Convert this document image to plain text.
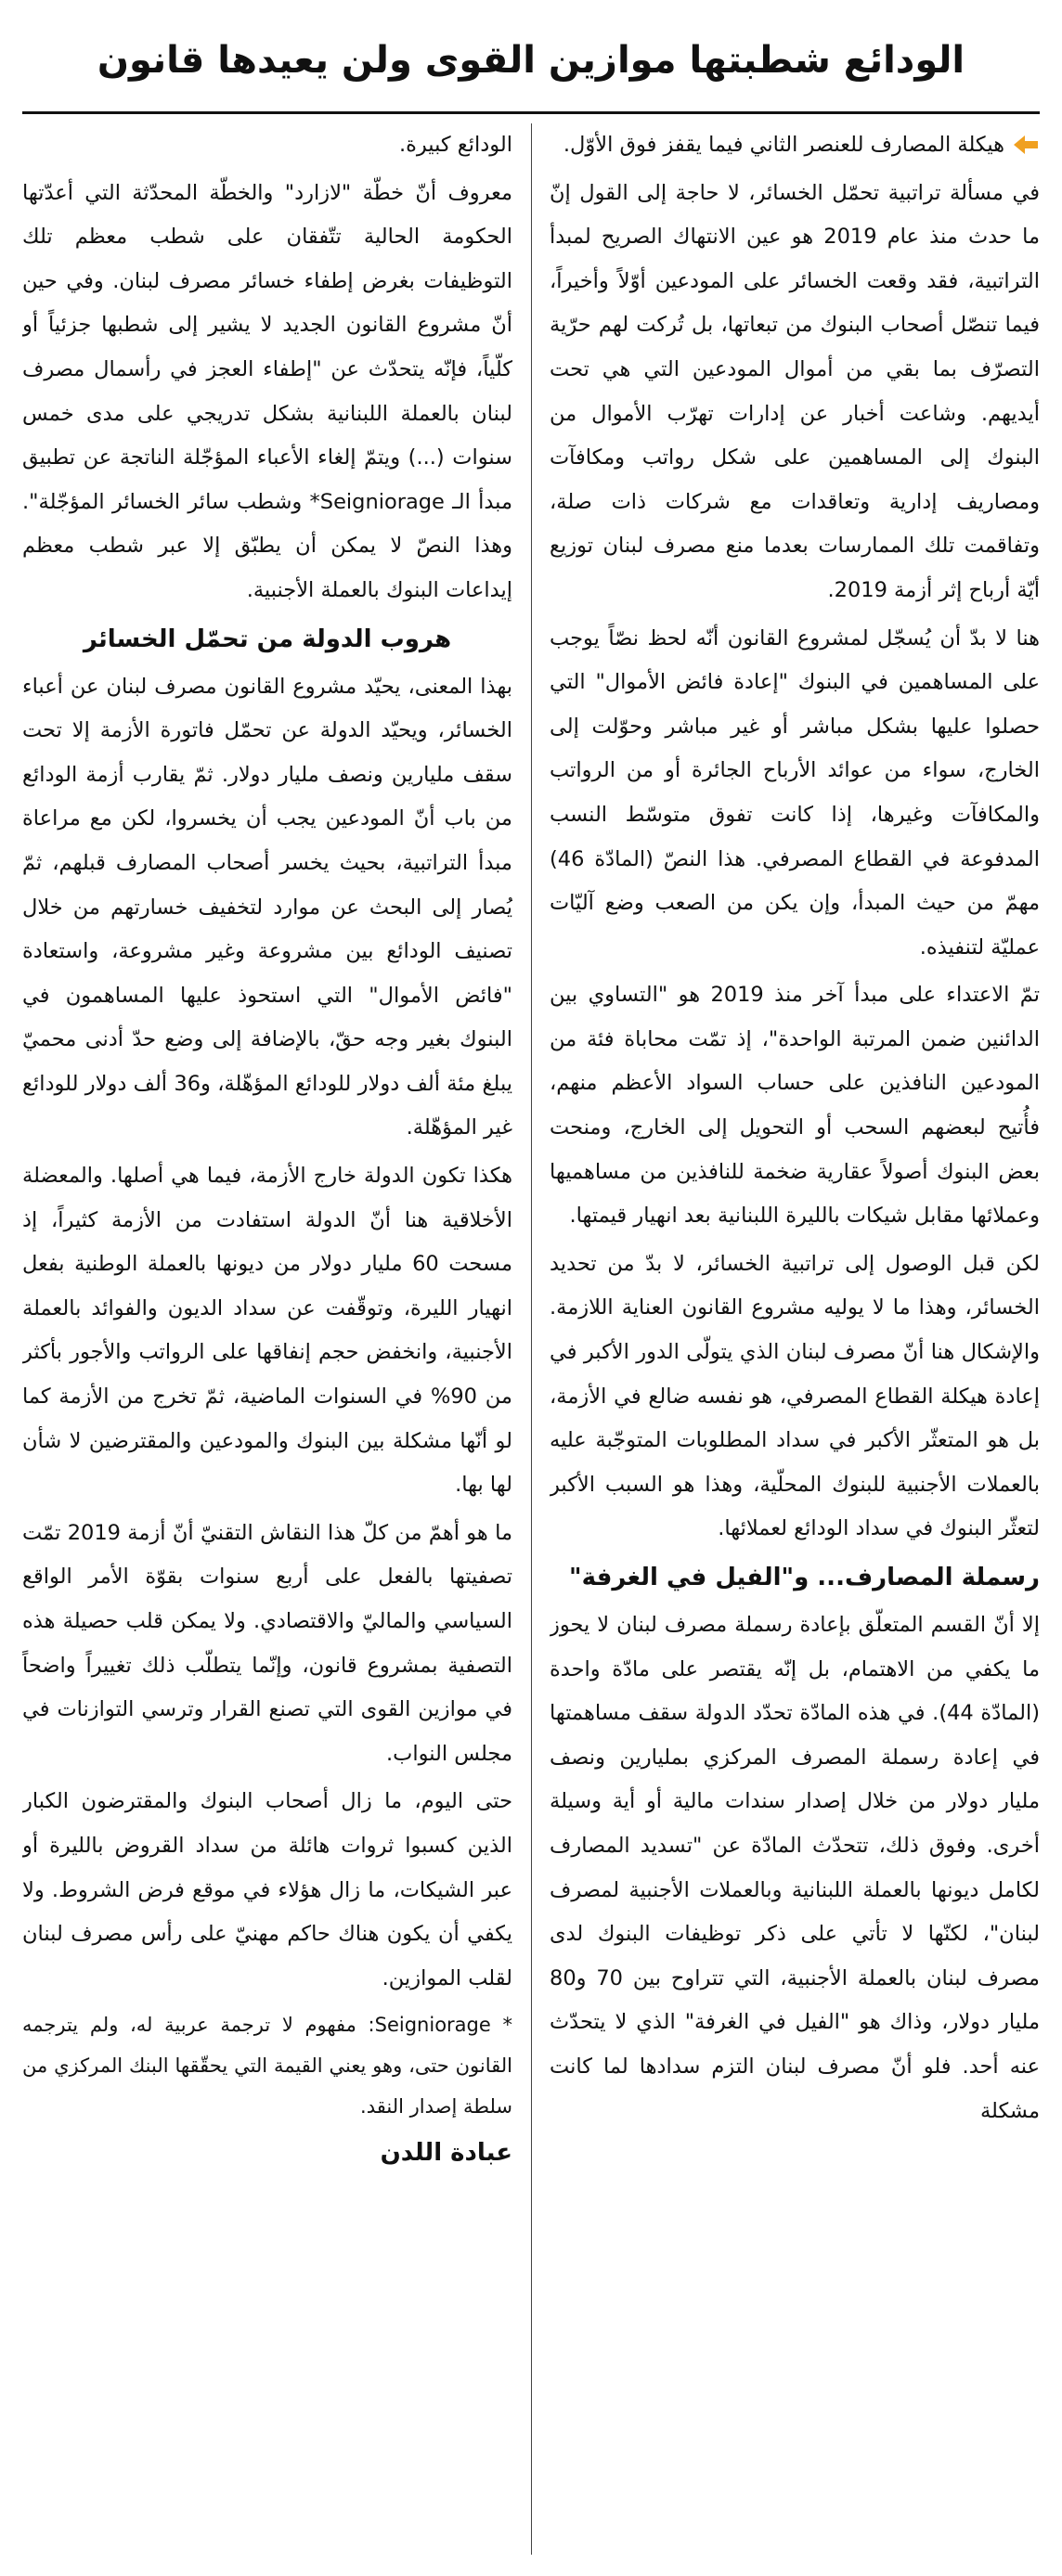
الودائع شطبتها موازين القوى ولن يعيدها قانون

هيكلة المصارف للعنصر الثاني فيما يقفز فوق الأوّل.

في مسألة تراتبية تحمّل الخسائر، لا حاجة إلى القول إنّ ما حدث منذ عام 2019 هو عين الانتهاك الصريح لمبدأ التراتبية، فقد وقعت الخسائر على المودعين أوّلاً وأخيراً، فيما تنصّل أصحاب البنوك من تبعاتها، بل تُركت لهم حرّية التصرّف بما بقي من أموال المودعين التي هي تحت أيديهم. وشاعت أخبار عن إدارات تهرّب الأموال من البنوك إلى المساهمين على شكل رواتب ومكافآت ومصاريف إدارية وتعاقدات مع شركات ذات صلة، وتفاقمت تلك الممارسات بعدما منع مصرف لبنان توزيع أيّة أرباح إثر أزمة 2019.

هنا لا بدّ أن يُسجّل لمشروع القانون أنّه لحظ نصّاً يوجب على المساهمين في البنوك "إعادة فائض الأموال" التي حصلوا عليها بشكل مباشر أو غير مباشر وحوّلت إلى الخارج، سواء من عوائد الأرباح الجائرة أو من الرواتب والمكافآت وغيرها، إذا كانت تفوق متوسّط النسب المدفوعة في القطاع المصرفي. هذا النصّ (المادّة 46) مهمّ من حيث المبدأ، وإن يكن من الصعب وضع آليّات عمليّة لتنفيذه.

تمّ الاعتداء على مبدأ آخر منذ 2019 هو "التساوي بين الدائنين ضمن المرتبة الواحدة"، إذ تمّت محاباة فئة من المودعين النافذين على حساب السواد الأعظم منهم، فأُتيح لبعضهم السحب أو التحويل إلى الخارج، ومنحت بعض البنوك أصولاً عقارية ضخمة للنافذين من مساهميها وعملائها مقابل شيكات بالليرة اللبنانية بعد انهيار قيمتها.

لكن قبل الوصول إلى تراتبية الخسائر، لا بدّ من تحديد الخسائر، وهذا ما لا يوليه مشروع القانون العناية اللازمة. والإشكال هنا أنّ مصرف لبنان الذي يتولّى الدور الأكبر في إعادة هيكلة القطاع المصرفي، هو نفسه ضالع في الأزمة، بل هو المتعثّر الأكبر في سداد المطلوبات المتوجّبة عليه بالعملات الأجنبية للبنوك المحلّية، وهذا هو السبب الأكبر لتعثّر البنوك في سداد الودائع لعملائها.

رسملة المصارف... و"الفيل في الغرفة"

إلا أنّ القسم المتعلّق بإعادة رسملة مصرف لبنان لا يحوز ما يكفي من الاهتمام، بل إنّه يقتصر على مادّة واحدة (المادّة 44). في هذه المادّة تحدّد الدولة سقف مساهمتها في إعادة رسملة المصرف المركزي بمليارين ونصف مليار دولار من خلال إصدار سندات مالية أو أية وسيلة أخرى. وفوق ذلك، تتحدّث المادّة عن "تسديد المصارف لكامل ديونها بالعملة اللبنانية وبالعملات الأجنبية لمصرف لبنان"، لكنّها لا تأتي على ذكر توظيفات البنوك لدى مصرف لبنان بالعملة الأجنبية، التي تتراوح بين 70 و80 مليار دولار، وذاك هو "الفيل في الغرفة" الذي لا يتحدّث عنه أحد. فلو أنّ مصرف لبنان التزم سدادها لما كانت مشكلة

الودائع كبيرة.

معروف أنّ خطّة "لازارد" والخطّة المحدّثة التي أعدّتها الحكومة الحالية تتّفقان على شطب معظم تلك التوظيفات بغرض إطفاء خسائر مصرف لبنان. وفي حين أنّ مشروع القانون الجديد لا يشير إلى شطبها جزئياً أو كلّياً، فإنّه يتحدّث عن "إطفاء العجز في رأسمال مصرف لبنان بالعملة اللبنانية بشكل تدريجي على مدى خمس سنوات (...) ويتمّ إلغاء الأعباء المؤجّلة الناتجة عن تطبيق مبدأ الـ Seigniorage* وشطب سائر الخسائر المؤجّلة". وهذا النصّ لا يمكن أن يطبّق إلا عبر شطب معظم إيداعات البنوك بالعملة الأجنبية.

هروب الدولة من تحمّل الخسائر

بهذا المعنى، يحيّد مشروع القانون مصرف لبنان عن أعباء الخسائر، ويحيّد الدولة عن تحمّل فاتورة الأزمة إلا تحت سقف مليارين ونصف مليار دولار. ثمّ يقارب أزمة الودائع من باب أنّ المودعين يجب أن يخسروا، لكن مع مراعاة مبدأ التراتبية، بحيث يخسر أصحاب المصارف قبلهم، ثمّ يُصار إلى البحث عن موارد لتخفيف خسارتهم من خلال تصنيف الودائع بين مشروعة وغير مشروعة، واستعادة "فائض الأموال" التي استحوذ عليها المساهمون في البنوك بغير وجه حقّ، بالإضافة إلى وضع حدّ أدنى محميّ يبلغ مئة ألف دولار للودائع المؤهّلة، و36 ألف دولار للودائع غير المؤهّلة.

هكذا تكون الدولة خارج الأزمة، فيما هي أصلها. والمعضلة الأخلاقية هنا أنّ الدولة استفادت من الأزمة كثيراً، إذ مسحت 60 مليار دولار من ديونها بالعملة الوطنية بفعل انهيار الليرة، وتوقّفت عن سداد الديون والفوائد بالعملة الأجنبية، وانخفض حجم إنفاقها على الرواتب والأجور بأكثر من 90% في السنوات الماضية، ثمّ تخرج من الأزمة كما لو أنّها مشكلة بين البنوك والمودعين والمقترضين لا شأن لها بها.

ما هو أهمّ من كلّ هذا النقاش التقنيّ أنّ أزمة 2019 تمّت تصفيتها بالفعل على أربع سنوات بقوّة الأمر الواقع السياسي والماليّ والاقتصادي. ولا يمكن قلب حصيلة هذه التصفية بمشروع قانون، وإنّما يتطلّب ذلك تغييراً واضحاً في موازين القوى التي تصنع القرار وترسي التوازنات في مجلس النواب.

حتى اليوم، ما زال أصحاب البنوك والمقترضون الكبار الذين كسبوا ثروات هائلة من سداد القروض بالليرة أو عبر الشيكات، ما زال هؤلاء في موقع فرض الشروط. ولا يكفي أن يكون هناك حاكم مهنيّ على رأس مصرف لبنان لقلب الموازين.

* Seigniorage: مفهوم لا ترجمة عربية له، ولم يترجمه القانون حتى، وهو يعني القيمة التي يحقّقها البنك المركزي من سلطة إصدار النقد.

عبادة اللدن
